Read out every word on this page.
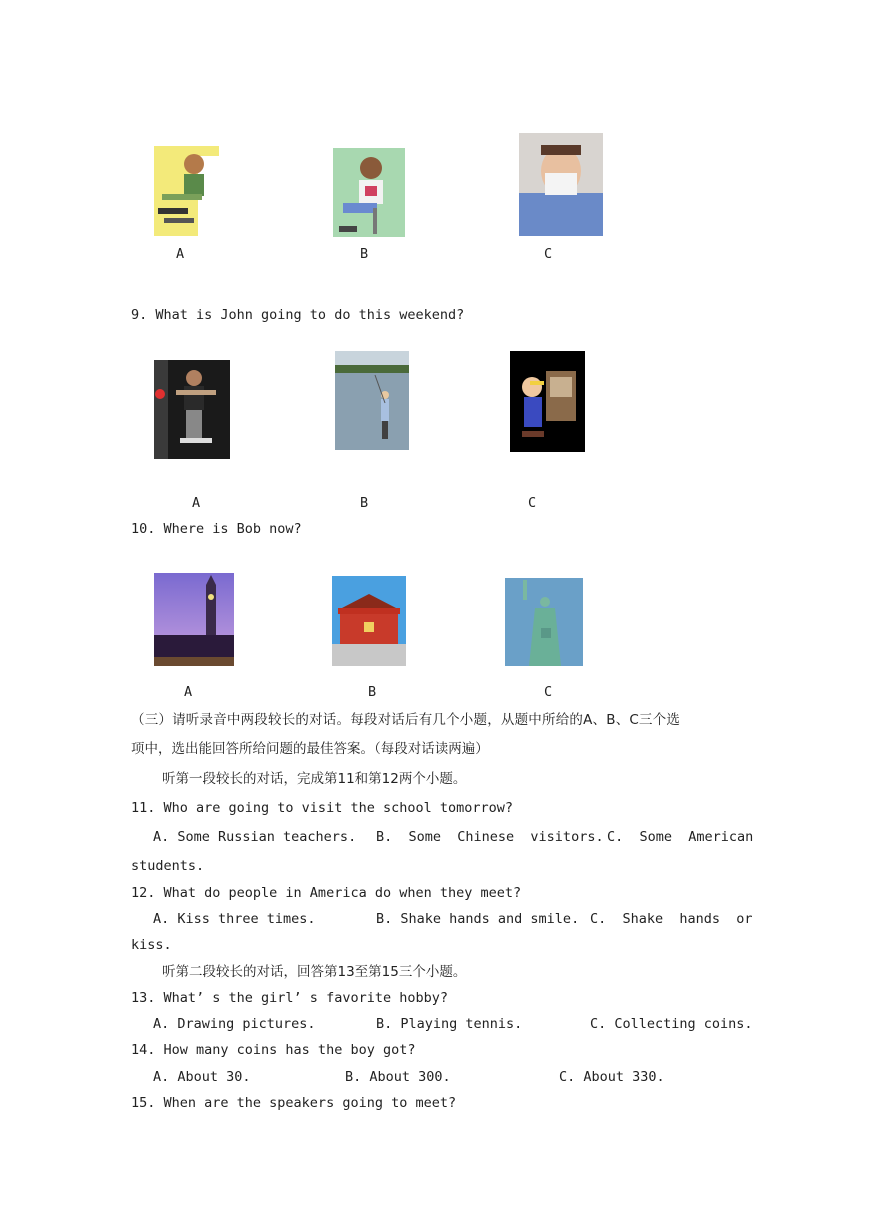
A	B	C
9. What is John going to do this weekend?
A	B	C
10. Where is Bob now?
A	B	C
（三）请听录音中两段较长的对话。每段对话后有几个小题，从题中所给的A、B、C三个选
项中，选出能回答所给问题的最佳答案。（每段对话读两遍）
听第一段较长的对话，完成第11和第12两个小题。
11. Who are going to visit the school tomorrow?
A. Some Russian teachers. B.  Some  Chinese  visitors. C.  Some  American
students.
12. What do people in America do when they meet?
A. Kiss three times.	B. Shake hands and smile. C.  Shake  hands  or
kiss.
听第二段较长的对话，回答第13至第15三个小题。
13. What’ s the girl’ s favorite hobby?
A. Drawing pictures.	B. Playing tennis.	C. Collecting coins.
14. How many coins has the boy got?
A. About 30.	B. About 300.	C. About 330.
15. When are the speakers going to meet?
